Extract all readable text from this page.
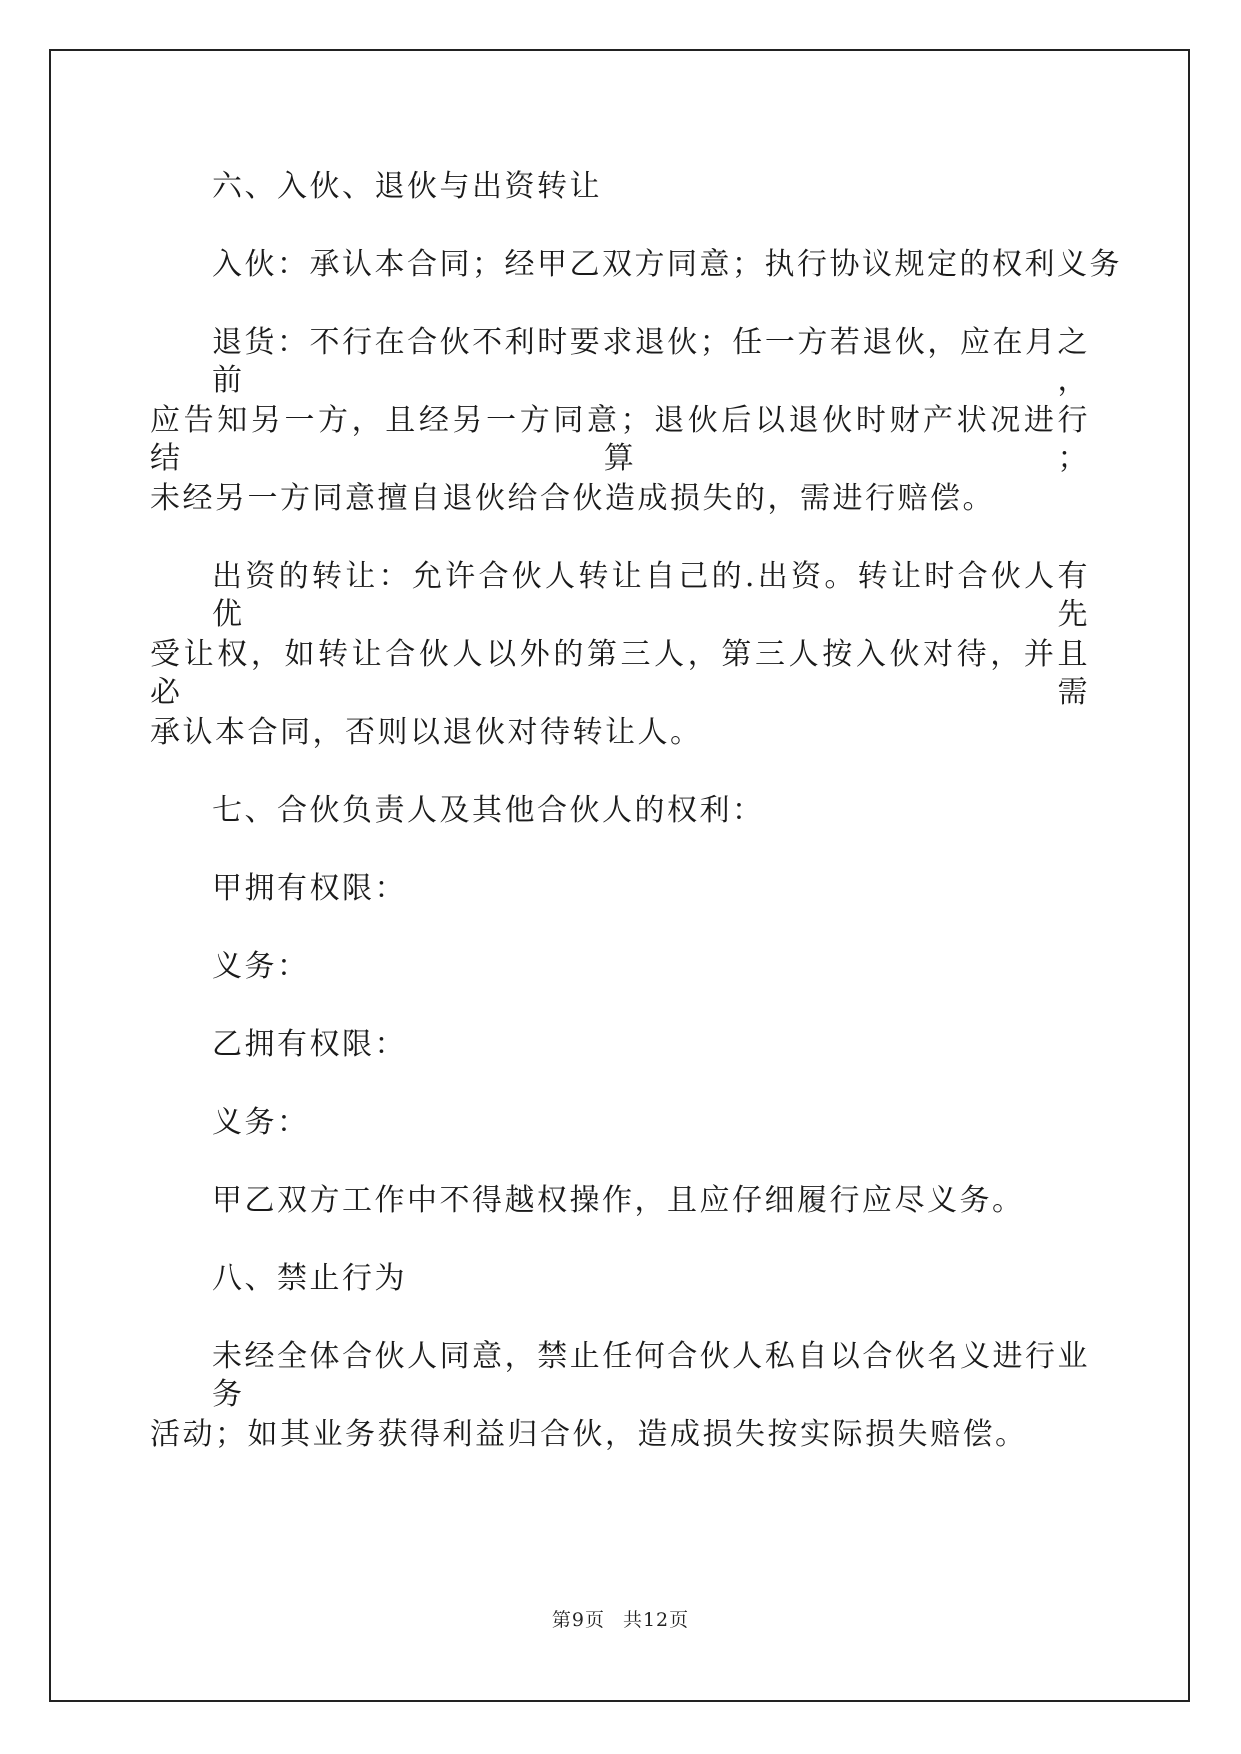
六、入伙、退伙与出资转让
入伙：承认本合同；经甲乙双方同意；执行协议规定的权利义务
退货：不行在合伙不利时要求退伙；任一方若退伙，应在月之前，
应告知另一方，且经另一方同意；退伙后以退伙时财产状况进行结算；
未经另一方同意擅自退伙给合伙造成损失的，需进行赔偿。
出资的转让：允许合伙人转让自己的.出资。转让时合伙人有优先
受让权，如转让合伙人以外的第三人，第三人按入伙对待，并且必需
承认本合同，否则以退伙对待转让人。
七、合伙负责人及其他合伙人的权利：
甲拥有权限：
义务：
乙拥有权限：
义务：
甲乙双方工作中不得越权操作，且应仔细履行应尽义务。
八、禁止行为
未经全体合伙人同意，禁止任何合伙人私自以合伙名义进行业务
活动；如其业务获得利益归合伙，造成损失按实际损失赔偿。
第9页 共12页
